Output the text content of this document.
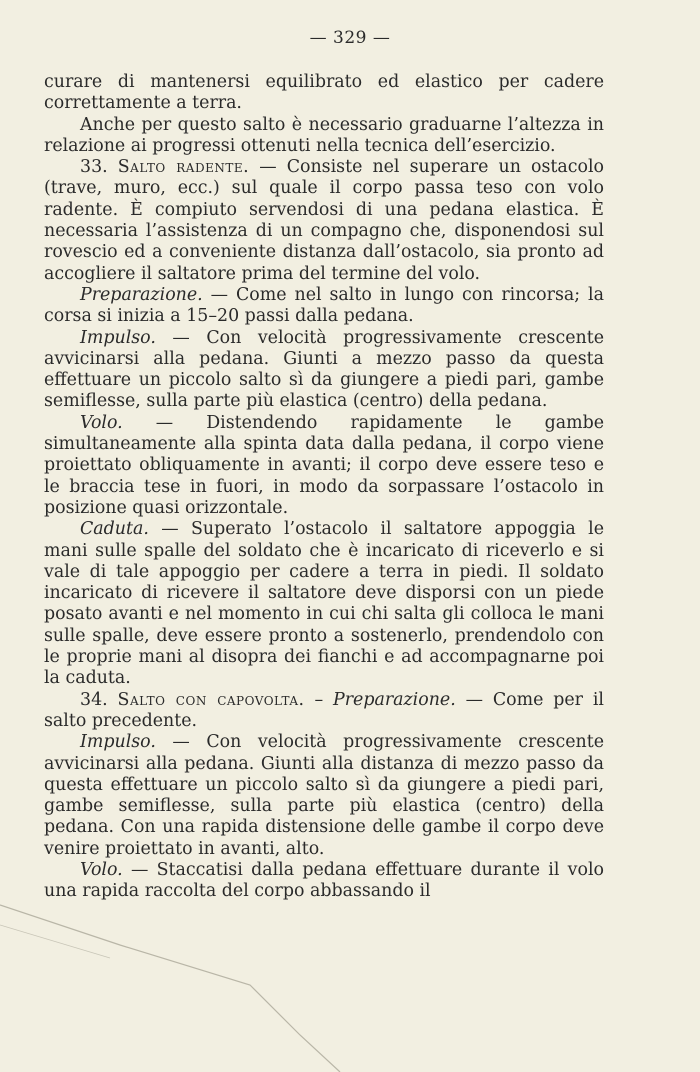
— 329 —

curare di mantenersi equilibrato ed elastico per cadere correttamente a terra.

Anche per questo salto è necessario graduarne l’altezza in relazione ai progressi ottenuti nella tecnica dell’esercizio.

33. Salto radente. — Consiste nel superare un ostacolo (trave, muro, ecc.) sul quale il corpo passa teso con volo radente. È compiuto servendosi di una pedana elastica. È necessaria l’assistenza di un compagno che, disponendosi sul rovescio ed a conveniente distanza dall’ostacolo, sia pronto ad accogliere il saltatore prima del termine del volo.

Preparazione. — Come nel salto in lungo con rincorsa; la corsa si inizia a 15–20 passi dalla pedana.

Impulso. — Con velocità progressivamente crescente avvicinarsi alla pedana. Giunti a mezzo passo da questa effettuare un piccolo salto sì da giungere a piedi pari, gambe semiflesse, sulla parte più elastica (centro) della pedana.

Volo. — Distendendo rapidamente le gambe simultaneamente alla spinta data dalla pedana, il corpo viene proiettato obliquamente in avanti; il corpo deve essere teso e le braccia tese in fuori, in modo da sorpassare l’ostacolo in posizione quasi orizzontale.

Caduta. — Superato l’ostacolo il saltatore appoggia le mani sulle spalle del soldato che è incaricato di riceverlo e si vale di tale appoggio per cadere a terra in piedi. Il soldato incaricato di ricevere il saltatore deve disporsi con un piede posato avanti e nel momento in cui chi salta gli colloca le mani sulle spalle, deve essere pronto a sostenerlo, prendendolo con le proprie mani al disopra dei fianchi e ad accompagnarne poi la caduta.

34. Salto con capovolta. – Preparazione. — Come per il salto precedente.

Impulso. — Con velocità progressivamente crescente avvicinarsi alla pedana. Giunti alla distanza di mezzo passo da questa effettuare un piccolo salto sì da giungere a piedi pari, gambe semiflesse, sulla parte più elastica (centro) della pedana. Con una rapida distensione delle gambe il corpo deve venire proiettato in avanti, alto.

Volo. — Staccatisi dalla pedana effettuare durante il volo una rapida raccolta del corpo abbassando il
